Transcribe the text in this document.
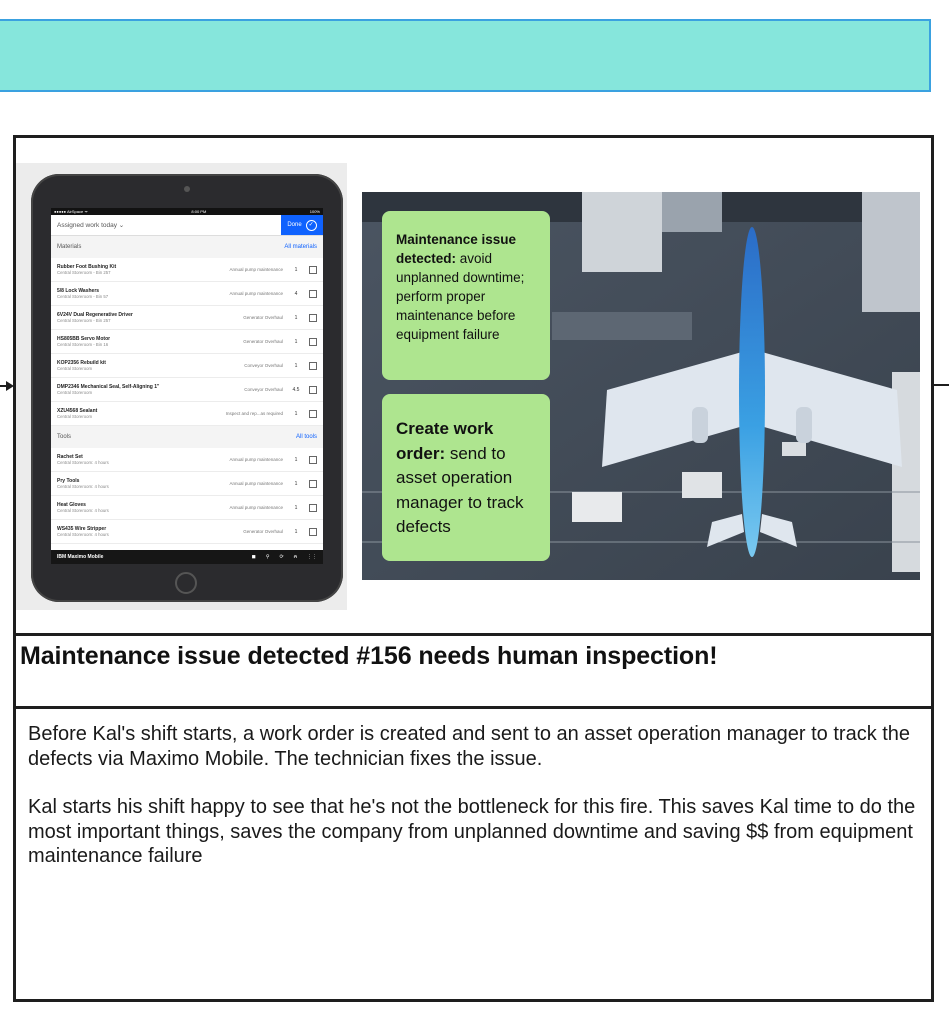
●●●●● AirSpace ᯤ	8:00 PM	100%
Assigned work today ⌄	Done	✓
Materials	All materials
Rubber Foot Bushing Kit
Central Storeroom - Bin 257
Annual pump maintenance	1
5/8 Lock Washers
Central Storeroom - Bin 57
Annual pump maintenance	4
6V24V Dual Regenerative Driver
Central Storeroom - Bin 257
Generator Overhaul	1
HS805BB Servo Motor
Central Storeroom - Bin 16
Generator Overhaul	1
KOP2356 Rebuild kit
Central Storeroom
Conveyor Overhaul	1
DMP2346 Mechanical Seal, Self-Aligning 1"
Central Storeroom
Conveyor Overhaul	4.5
XZU4568 Sealant
Central Storeroom
Inspect and rep...as required	1
Tools	All tools
Rachet Set
Central Storeroom: 4 hours
Annual pump maintenance	1
Pry Tools
Central Storeroom: 4 hours
Annual pump maintenance	1
Heat Gloves
Central Storeroom: 4 hours
Annual pump maintenance	1
WS435 Wire Stripper
Central Storeroom: 4 hours
Generator Overhaul	1
IBM Maximo Mobile	◼ ⚲ ⟳ ⍾ ⋮⋮
Maintenance issue detected: avoid unplanned downtime; perform proper maintenance before equipment failure
Create work order: send to asset operation manager to track defects
Maintenance issue detected #156 needs human inspection!

Before Kal's shift starts, a work order is created and sent to an asset operation manager to track the defects via Maximo Mobile. The technician fixes the issue.

Kal starts his shift happy to see that he's not the bottleneck for this fire. This saves Kal time to do the most important things, saves the company from unplanned downtime and saving $$ from equipment maintenance failure
